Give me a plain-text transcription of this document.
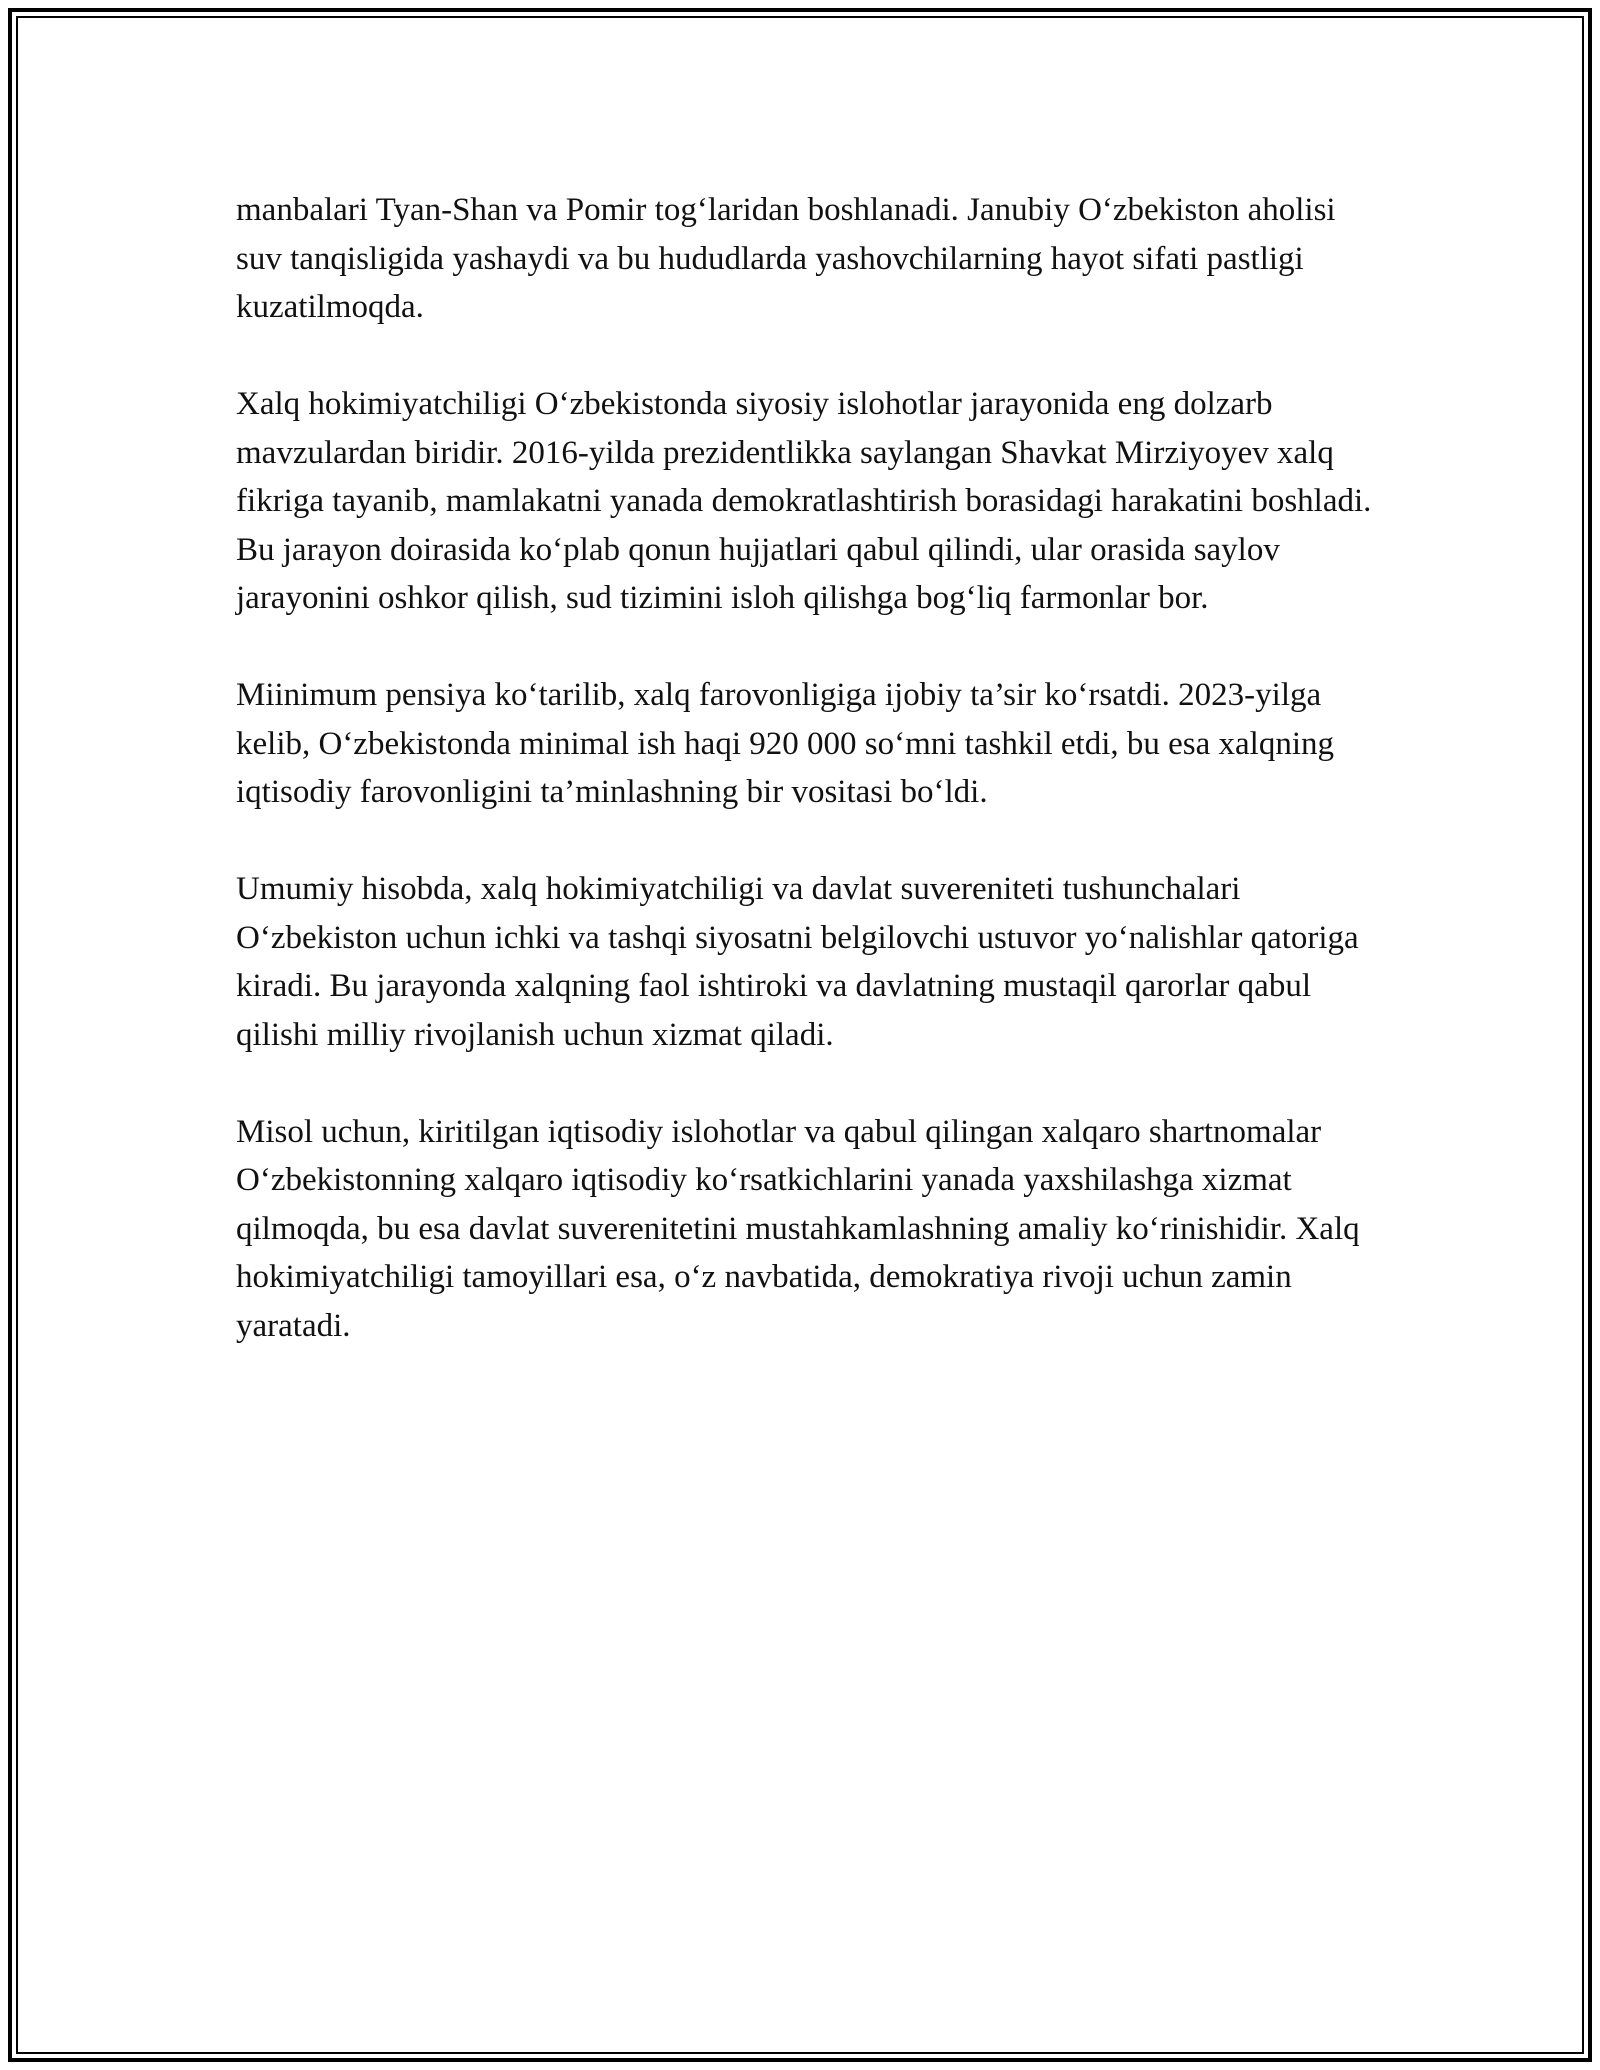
manbalari Tyan-Shan va Pomir tog‘laridan boshlanadi. Janubiy O‘zbekiston aholisi suv tanqisligida yashaydi va bu hududlarda yashovchilarning hayot sifati pastligi kuzatilmoqda.

Xalq hokimiyatchiligi O‘zbekistonda siyosiy islohotlar jarayonida eng dolzarb mavzulardan biridir. 2016-yilda prezidentlikka saylangan Shavkat Mirziyoyev xalq fikriga tayanib, mamlakatni yanada demokratlashtirish borasidagi harakatini boshladi. Bu jarayon doirasida ko‘plab qonun hujjatlari qabul qilindi, ular orasida saylov jarayonini oshkor qilish, sud tizimini isloh qilishga bog‘liq farmonlar bor.

Miinimum pensiya ko‘tarilib, xalq farovonligiga ijobiy ta’sir ko‘rsatdi. 2023-yilga kelib, O‘zbekistonda minimal ish haqi 920 000 so‘mni tashkil etdi, bu esa xalqning iqtisodiy farovonligini ta’minlashning bir vositasi bo‘ldi.

Umumiy hisobda, xalq hokimiyatchiligi va davlat suvereniteti tushunchalari O‘zbekiston uchun ichki va tashqi siyosatni belgilovchi ustuvor yo‘nalishlar qatoriga kiradi. Bu jarayonda xalqning faol ishtiroki va davlatning mustaqil qarorlar qabul qilishi milliy rivojlanish uchun xizmat qiladi.

Misol uchun, kiritilgan iqtisodiy islohotlar va qabul qilingan xalqaro shartnomalar O‘zbekistonning xalqaro iqtisodiy ko‘rsatkichlarini yanada yaxshilashga xizmat qilmoqda, bu esa davlat suverenitetini mustahkamlashning amaliy ko‘rinishidir. Xalq hokimiyatchiligi tamoyillari esa, o‘z navbatida, demokratiya rivoji uchun zamin yaratadi.
